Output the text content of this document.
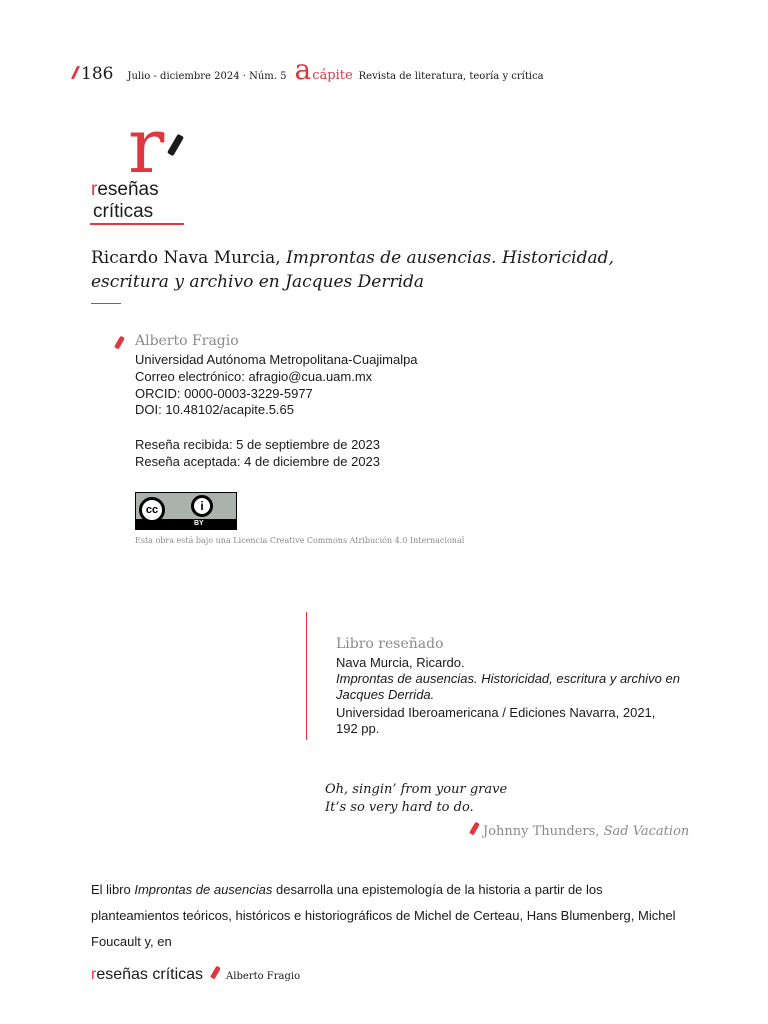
186 Julio - diciembre 2024 · Núm. 5 a cápite Revista de literatura, teoría y crítica
r
reseñas
críticas
Ricardo Nava Murcia, Improntas de ausencias. Historicidad, escritura y archivo en Jacques Derrida
Alberto Fragio
Universidad Autónoma Metropolitana-Cuajimalpa
Correo electrónico: afragio@cua.uam.mx
ORCID: 0000-0003-3229-5977
DOI: 10.48102/acapite.5.65
Reseña recibida: 5 de septiembre de 2023
Reseña aceptada: 4 de diciembre de 2023
cc	i
BY
Esta obra está bajo una Licencia Creative Commons Atribución 4.0 Internacional
Libro reseñado
Nava Murcia, Ricardo.
Improntas de ausencias. Historicidad, escritura y archivo en
Jacques Derrida.
Universidad Iberoamericana / Ediciones Navarra, 2021,
192 pp.
Oh, singin’ from your grave
It’s so very hard to do.
Johnny Thunders, Sad Vacation
El libro Improntas de ausencias desarrolla una epistemología de la historia a partir de los planteamientos teóricos, históricos e historiográficos de Michel de Certeau, Hans Blumenberg, Michel Foucault y, en
reseñas críticas Alberto Fragio
